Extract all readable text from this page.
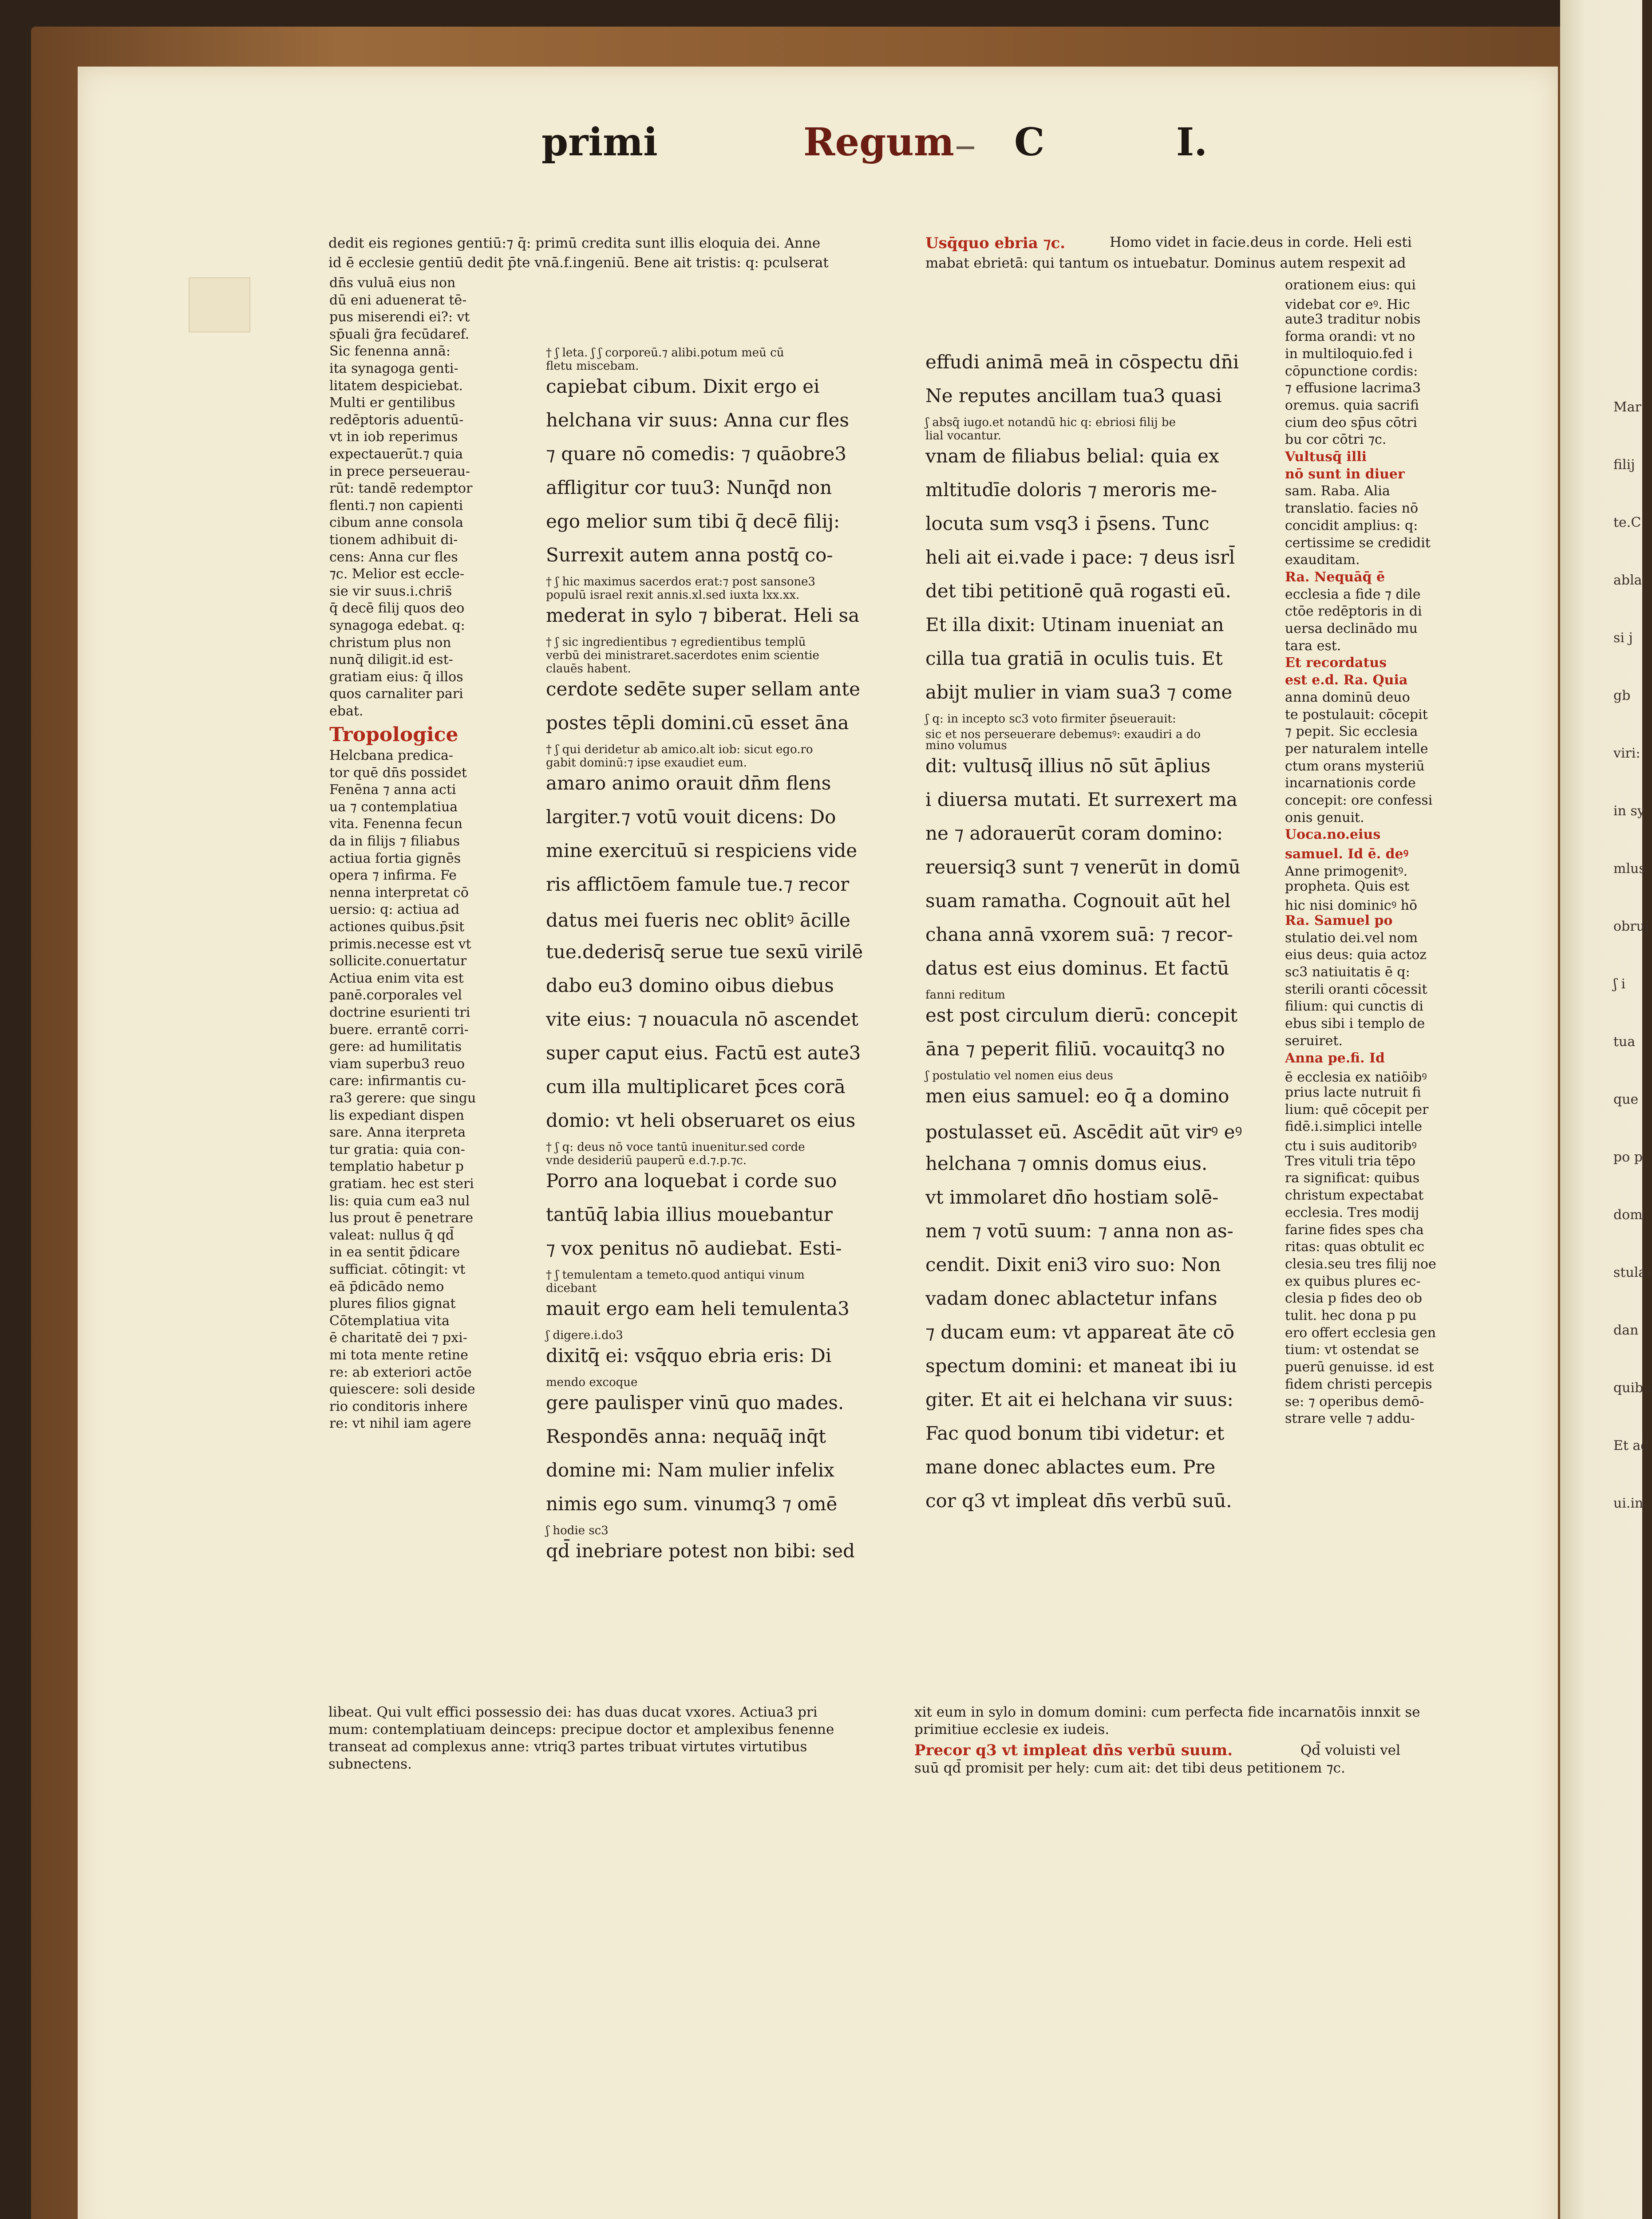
Mar
filij
te.C
abla
si j
gb
viri:
in sy
mlus
obrul
ʃ i
tua
que
po p
dom
stulai
dan
quibu
Et ad
ui.in
primi	Regum C	I.
dedit eis regiones gentiū:⁊ q̄: primū credita sunt illis eloquia dei. Anne
id ē ecclesie gentiū dedit p̄te vnā.f.ingeniū. Bene ait tristis: q: pculserat
dn̄s vuluā eius non
dū eni aduenerat tē-
pus miserendi ei?: vt
sp̄uali g̃ra fecūdaref.
Sic fenenna annā:
ita synagoga genti-
litatem despiciebat.
Multi er gentilibus
redēptoris aduentū-
vt in iob reperimus
expectauerūt.⁊ quia
in prece perseuerau-
rūt: tandē redemptor
flenti.⁊ non capienti
cibum anne consola
tionem adhibuit di-
cens: Anna cur fles
⁊c. Melior est eccle-
sie vir suus.i.chris̄
q̄ decē filij quos deo
synagoga edebat. q:
christum plus non
nunq̄ diligit.id est-
gratiam eius: q̄ illos
quos carnaliter pari
ebat.
Tropologice
Helcbana predica-
tor quē dn̄s possidet
Fenēna ⁊ anna acti
ua ⁊ contemplatiua
vita. Fenenna fecun
da in filijs ⁊ filiabus
actiua fortia gignēs
opera ⁊ infirma. Fe
nenna interpretat cō
uersio: q: actiua ad
actiones quibus.p̄sit
primis.necesse est vt
sollicite.conuertatur
Actiua enim vita est
panē.corporales vel
doctrine esurienti tri
buere. errantē corri-
gere: ad humilitatis
viam superbu3 reuo
care: infirmantis cu-
ra3 gerere: que singu
lis expediant dispen
sare. Anna iterpreta
tur gratia: quia con-
templatio habetur p
gratiam. hec est steri
lis: quia cum ea3 nul
lus prout ē penetrare
valeat: nullus q̄ qd̄
in ea sentit p̄dicare
sufficiat. cōtingit: vt
eā p̄dicādo nemo
plures filios gignat
Cōtemplatiua vita
ē charitatē dei ⁊ pxi-
mi tota mente retine
re: ab exteriori actōe
quiescere: soli deside
rio conditoris inhere
re: vt nihil iam agere
libeat. Qui vult effici possessio dei: has duas ducat vxores. Actiua3 pri
mum: contemplatiuam deinceps: precipue doctor et amplexibus fenenne
transeat ad complexus anne: vtriq3 partes tribuat virtutes virtutibus
subnectens.
† ʃ leta. ʃ ʃ corporeū.⁊ alibi.potum meū cū
fletu miscebam.
capiebat cibum. Dixit ergo ei
helchana vir suus: Anna cur fles
⁊ quare nō comedis: ⁊ quāobre3
affligitur cor tuu3: Nunq̄d non
ego melior sum tibi q̄ decē filij:
Surrexit autem anna postq̄ co-
† ʃ hic maximus sacerdos erat:⁊ post sansone3
populū israel rexit annis.xl.sed iuxta lxx.xx.
mederat in sylo ⁊ biberat. Heli sa
† ʃ sic ingredientibus ⁊ egredientibus templū
verbū dei ministraret.sacerdotes enim scientie
clauēs habent.
cerdote sedēte super sellam ante
postes tēpli domini.cū esset āna
† ʃ qui deridetur ab amico.alt iob: sicut ego.ro
gabit dominū:⁊ ipse exaudiet eum.
amaro animo orauit dn̄m flens
largiter.⁊ votū vouit dicens: Do
mine exercituū si respiciens vide
ris afflictōem famule tue.⁊ recor
datus mei fueris nec oblitꝰ ācille
tue.dederisq̄ serue tue sexū virilē
dabo eu3 domino oibus diebus
vite eius: ⁊ nouacula nō ascendet
super caput eius. Factū est aute3
cum illa multiplicaret p̄ces corā
domio: vt heli obseruaret os eius
† ʃ q: deus nō voce tantū inuenitur.sed corde
vnde desideriū pauperū e.d.⁊.p.⁊c.
Porro ana loquebat i corde suo
tantūq̄ labia illius mouebantur
⁊ vox penitus nō audiebat. Esti-
† ʃ temulentam a temeto.quod antiqui vinum
dicebant
mauit ergo eam heli temulenta3
ʃ digere.i.do3
dixitq̄ ei: vsq̄quo ebria eris: Di
mendo excoque
gere paulisper vinū quo mades.
Respondēs anna: nequāq̄ inq̄t
domine mi: Nam mulier infelix
nimis ego sum. vinumq3 ⁊ omē
ʃ hodie sc3
qd̄ inebriare potest non bibi: sed
Usq̄quo ebria ⁊c.	Homo videt in facie.deus in corde. Heli esti
mabat ebrietā: qui tantum os intuebatur. Dominus autem respexit ad
effudi animā meā in cōspectu dn̄i
Ne reputes ancillam tua3 quasi
ʃ absq̄ iugo.et notandū hic q: ebriosi filij be
lial vocantur.
vnam de filiabus belial: quia ex
mltitudīe doloris ⁊ meroris me-
locuta sum vsq3 i p̄sens. Tunc
heli ait ei.vade i pace: ⁊ deus isrl̄
det tibi petitionē quā rogasti eū.
Et illa dixit: Utinam inueniat an
cilla tua gratiā in oculis tuis. Et
abijt mulier in viam sua3 ⁊ come
ʃ q: in incepto sc3 voto firmiter p̄seuerauit:
sic et nos perseuerare debemusꝰ: exaudiri a do
mino volumus
dit: vultusq̄ illius nō sūt āplius
i diuersa mutati. Et surrexert ma
ne ⁊ adorauerūt coram domino:
reuersiq3 sunt ⁊ venerūt in domū
suam ramatha. Cognouit aūt hel
chana annā vxorem suā: ⁊ recor-
datus est eius dominus. Et factū
fanni reditum
est post circulum dierū: concepit
āna ⁊ peperit filiū. vocauitq3 no
ʃ postulatio vel nomen eius deus
men eius samuel: eo q̄ a domino
postulasset eū. Ascēdit aūt virꝰ eꝰ
helchana ⁊ omnis domus eius.
vt immolaret dn̄o hostiam solē-
nem ⁊ votū suum: ⁊ anna non as-
cendit. Dixit eni3 viro suo: Non
vadam donec ablactetur infans
⁊ ducam eum: vt appareat āte cō
spectum domini: et maneat ibi iu
giter. Et ait ei helchana vir suus:
Fac quod bonum tibi videtur: et
mane donec ablactes eum. Pre
cor q3 vt impleat dn̄s verbū suū.
orationem eius: qui
videbat cor eꝰ. Hic
aute3 traditur nobis
forma orandi: vt no
in multiloquio.fed i
cōpunctione cordis:
⁊ effusione lacrima3
oremus. quia sacrifi
cium deo sp̄us cōtri
bu cor cōtri ⁊c.
Vultusq̄ illi
nō sunt in diuer
sam. Raba. Alia
translatio. facies nō
concidit amplius: q:
certissime se credidit
exauditam.
Ra. Nequāq̄ ē
ecclesia a fide ⁊ dile
ctōe redēptoris in di
uersa declinādo mu
tara est.
Et recordatus
est e.d. Ra. Quia
anna dominū deuo
te postulauit: cōcepit
⁊ pepit. Sic ecclesia
per naturalem intelle
ctum orans mysteriū
incarnationis corde
concepit: ore confessi
onis genuit.
Uoca.no.eius
samuel. Id ē. deꝰ
Anne primogenitꝰ.
propheta. Quis est
hic nisi dominicꝰ hō
Ra. Samuel po
stulatio dei.vel nom
eius deus: quia actoz
sc3 natiuitatis ē q:
sterili oranti cōcessit
filium: qui cunctis di
ebus sibi i templo de
seruiret.
Anna pe.fi. Id
ē ecclesia ex natiōibꝰ
prius lacte nutruit fi
lium: quē cōcepit per
fidē.i.simplici intelle
ctu i suis auditoribꝰ
Tres vituli tria tēpo
ra significat: quibus
christum expectabat
ecclesia. Tres modij
farine fides spes cha
ritas: quas obtulit ec
clesia.seu tres filij noe
ex quibus plures ec-
clesia p fides deo ob
tulit. hec dona p pu
ero offert ecclesia gen
tium: vt ostendat se
puerū genuisse. id est
fidem christi percepis
se: ⁊ operibus demō-
strare velle ⁊ addu-
xit eum in sylo in domum domini: cum perfecta fide incarnatōis innxit se
primitiue ecclesie ex iudeis.
Precor q3 vt impleat dn̄s verbū suum.	Qd̄ voluisti vel
suū qd̄ promisit per hely: cum ait: det tibi deus petitionem ⁊c.
